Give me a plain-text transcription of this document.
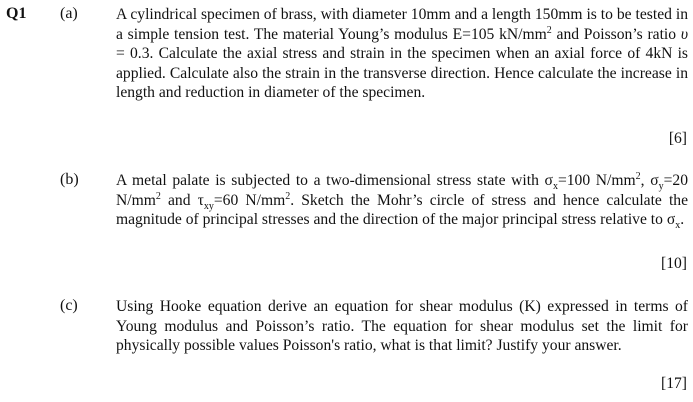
Q1 (a) A cylindrical specimen of brass, with diameter 10mm and a length 150mm is to be tested in a simple tension test. The material Young’s modulus E=105 $kN/mm^2$ and Poisson’s ratio υ = 0.3. Calculate the axial stress and strain in the specimen when an axial force of 4kN is applied. Calculate also the strain in the transverse direction. Hence calculate the increase in length and reduction in diameter of the specimen.
[6]
(b) A metal palate is subjected to a two-dimensional stress state with $\sigma_x=100$ $N/mm^2$, $\sigma_y=20$ $N/mm^2$ and $\tau_{xy}=60$ $N/mm^2$. Sketch the Mohr’s circle of stress and hence calculate the magnitude of principal stresses and the direction of the major principal stress relative to $\sigma_x$.
[10]
(c) Using Hooke equation derive an equation for shear modulus (K) expressed in terms of Young modulus and Poisson’s ratio. The equation for shear modulus set the limit for physically possible values Poisson's ratio, what is that limit? Justify your answer.
[17]
